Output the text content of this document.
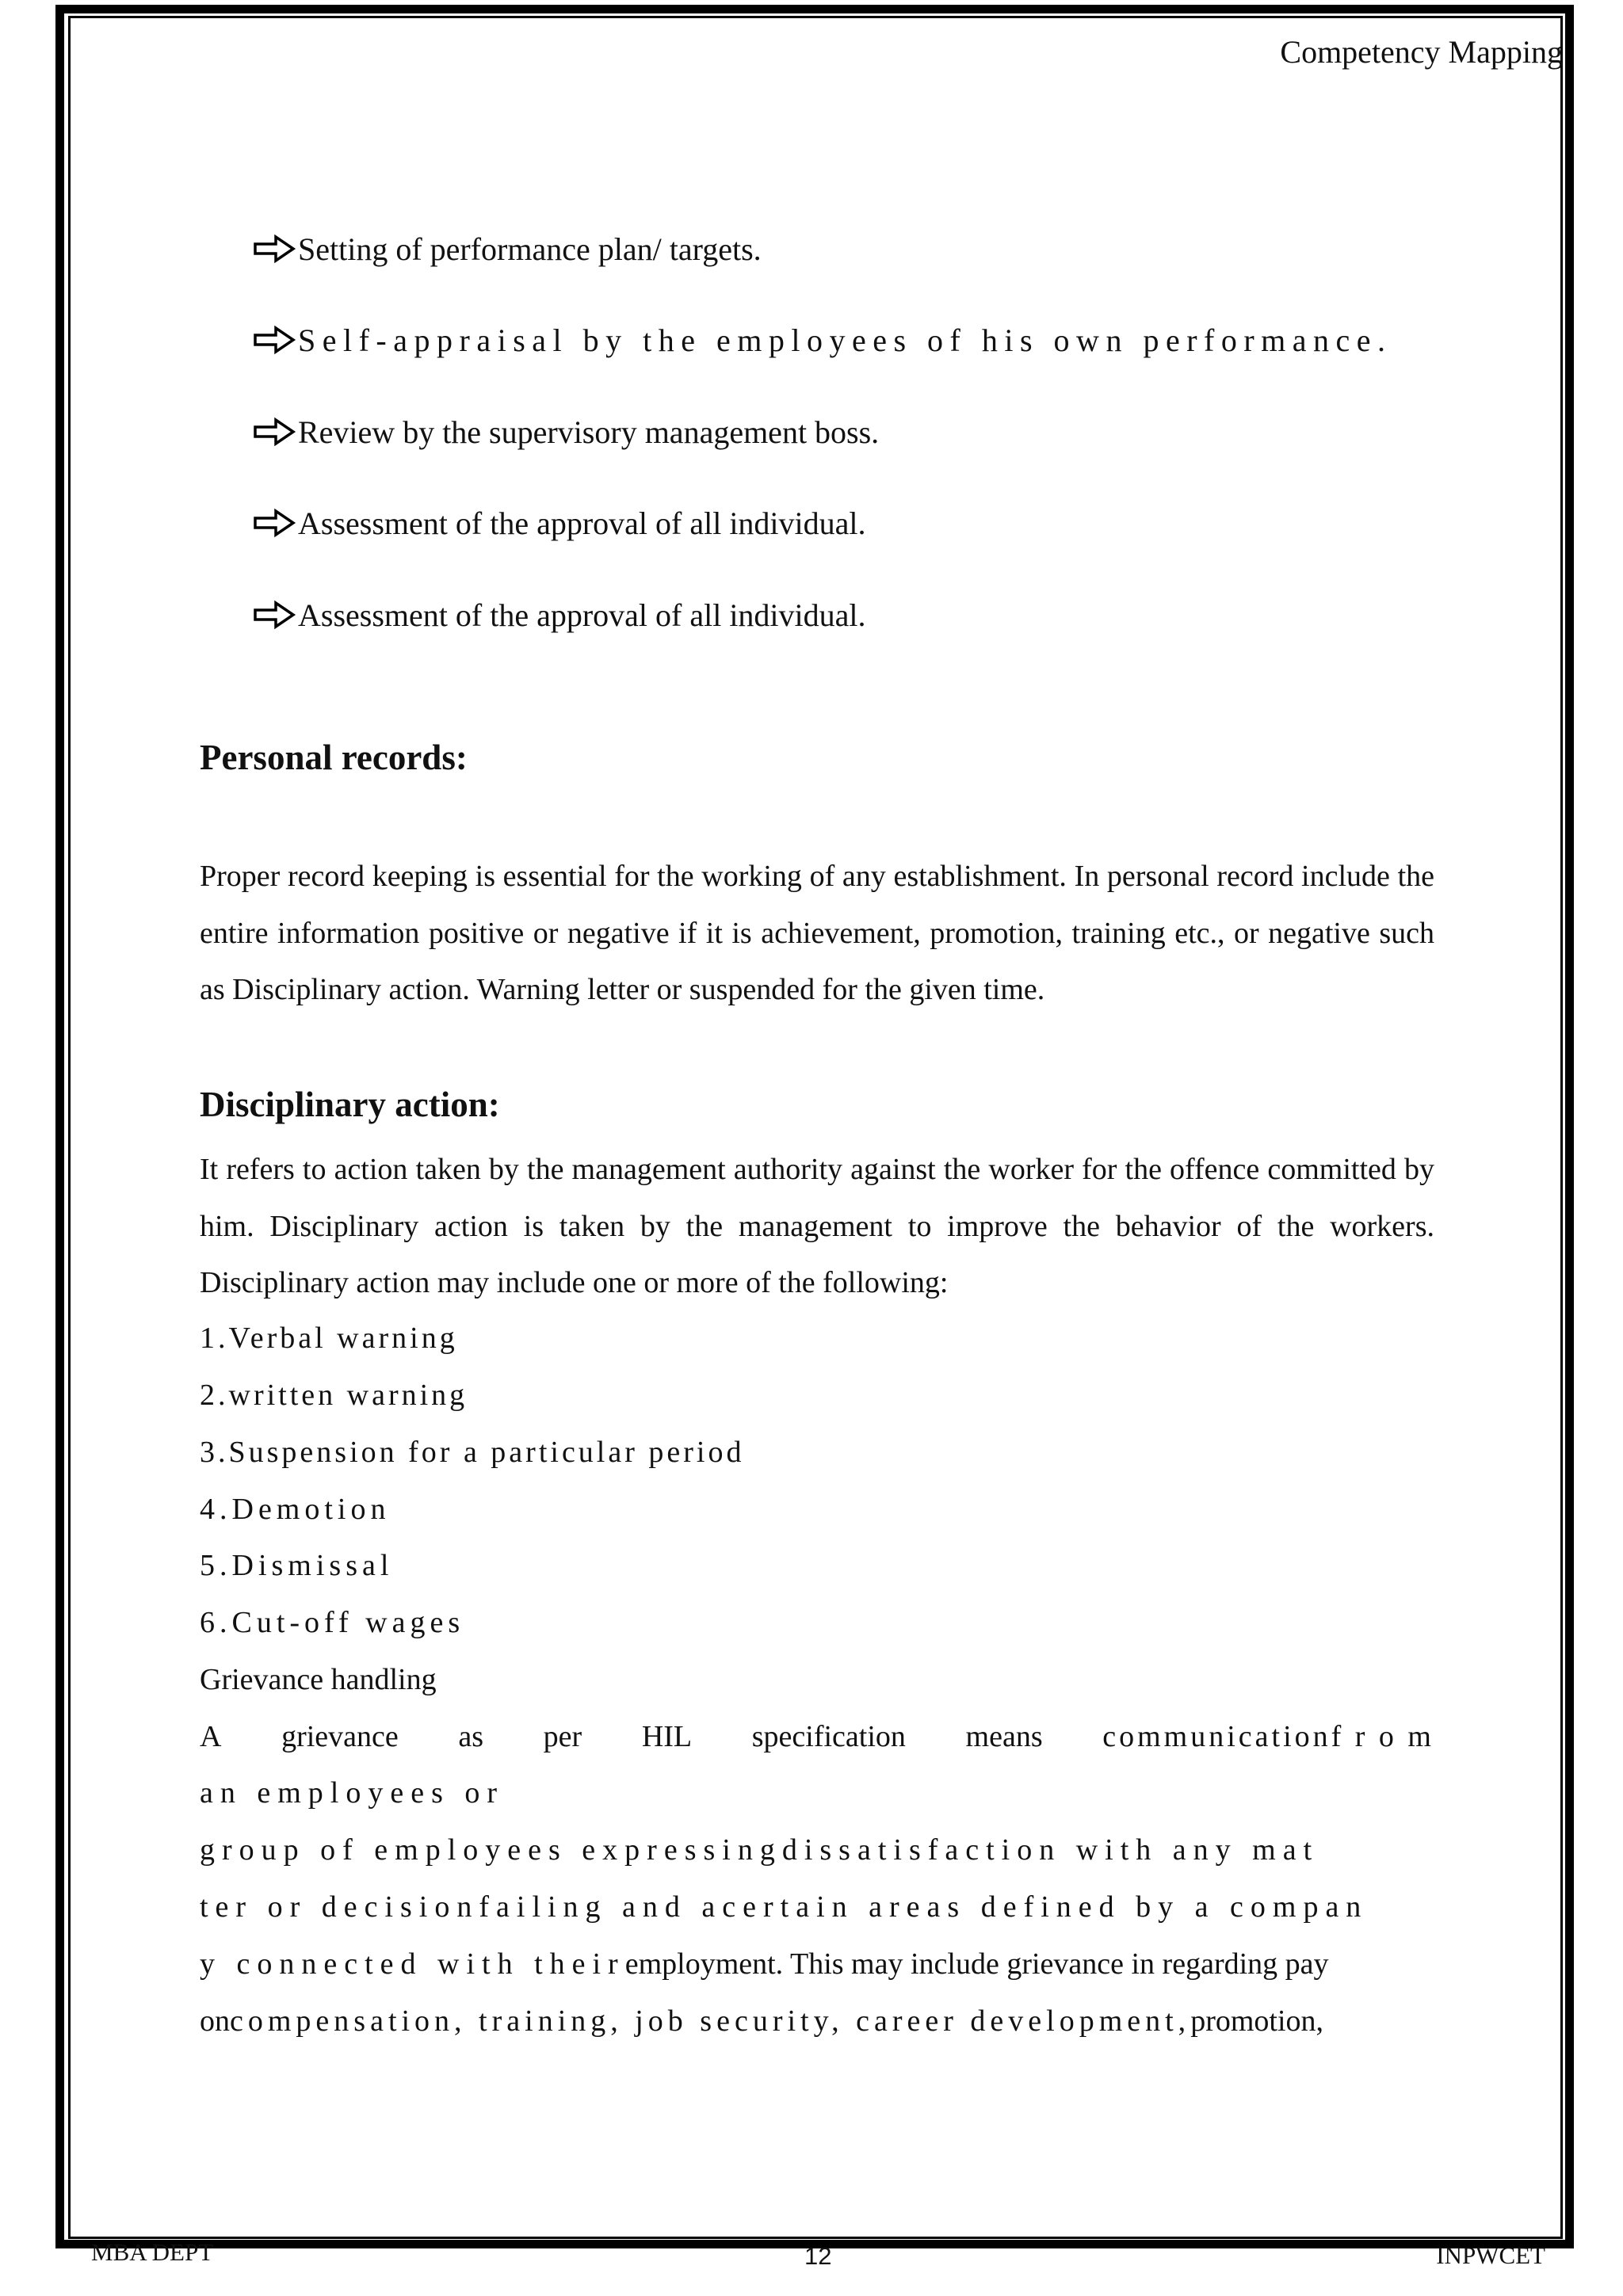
Competency Mapping
Setting of performance plan/ targets.
Self-appraisal by the employees of his own performance.
Review by the supervisory management boss.
Assessment of the approval of all individual.
Assessment of the approval of all individual.
Personal records:
Proper record keeping is essential for the working of any establishment. In personal record include the entire information positive or negative if it is achievement, promotion, training etc., or negative such as Disciplinary action. Warning letter or suspended for the given time.
Disciplinary action:
It refers to action taken by the management authority against the worker for the offence committed by him. Disciplinary action is taken by the management to improve the behavior of the workers. Disciplinary action may include one or more of the following:
1.Verbal warning
2.written warning
3.Suspension for a particular period
4.Demotion
5.Dismissal
6.Cut-off wages
Grievance handling
A grievance as per HIL specification means communicationf r o m
an employees or
group of employees expressingdissatisfaction with any mat
ter or decisionfailing and acertain areas defined by a compan
y connected with theiremployment. This may include grievance in regarding pay
oncompensation, training, job security, career development,promotion,
MBA DEPT	12	INPWCET
